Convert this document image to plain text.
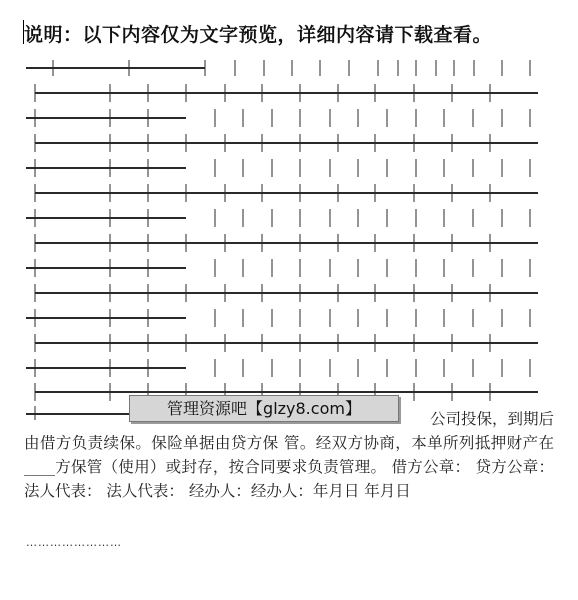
说明：以下内容仅为文字预览，详细内容请下载查看。
公司投保，到期后
由借方负责续保。保险单据由贷方保 管。经双方协商，本单所列抵押财产在____方保管（使用）或封存，按合同要求负责管理。 借方公章： 贷方公章： 法人代表： 法人代表： 经办人：经办人：年月日 年月日
管理资源吧【glzy8.com】
……………………
